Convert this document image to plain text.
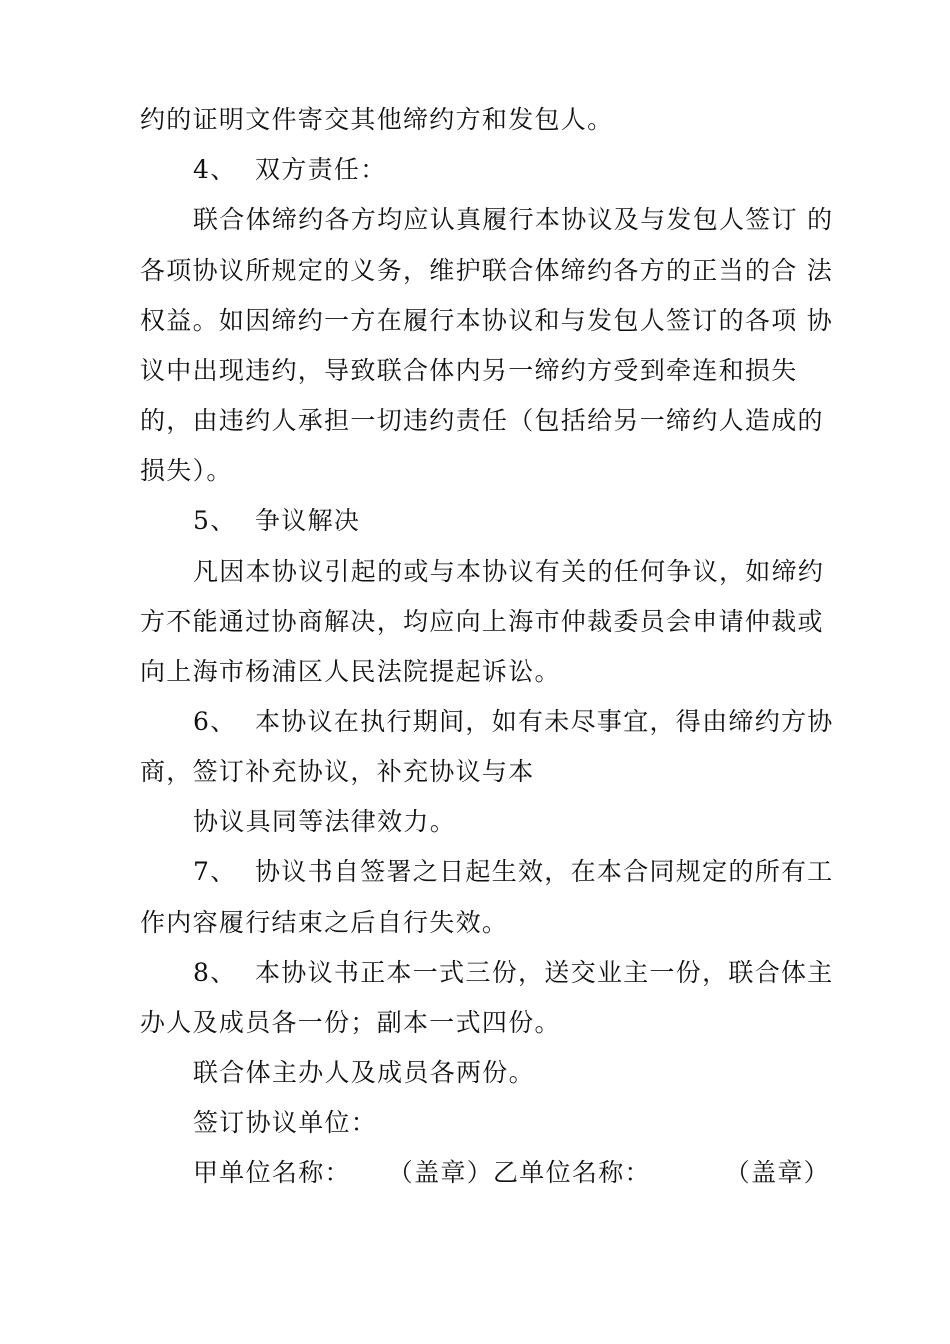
约的证明文件寄交其他缔约方和发包人。
4、  双方责任：
联合体缔约各方均应认真履行本协议及与发包人签订 的
各项协议所规定的义务，维护联合体缔约各方的正当的合 法
权益。如因缔约一方在履行本协议和与发包人签订的各项 协
议中出现违约，导致联合体内另一缔约方受到牵连和损失
的，由违约人承担一切违约责任（包括给另一缔约人造成的
损失）。
5、  争议解决
凡因本协议引起的或与本协议有关的任何争议，如缔约
方不能通过协商解决，均应向上海市仲裁委员会申请仲裁或
向上海市杨浦区人民法院提起诉讼。
6、  本协议在执行期间，如有未尽事宜，得由缔约方协
商，签订补充协议，补充协议与本
协议具同等法律效力。
7、  协议书自签署之日起生效，在本合同规定的所有工
作内容履行结束之后自行失效。
8、  本协议书正本一式三份，送交业主一份，联合体主
办人及成员各一份；副本一式四份。
联合体主办人及成员各两份。
签订协议单位：
甲单位名称：    （盖章）乙单位名称：        （盖章）
